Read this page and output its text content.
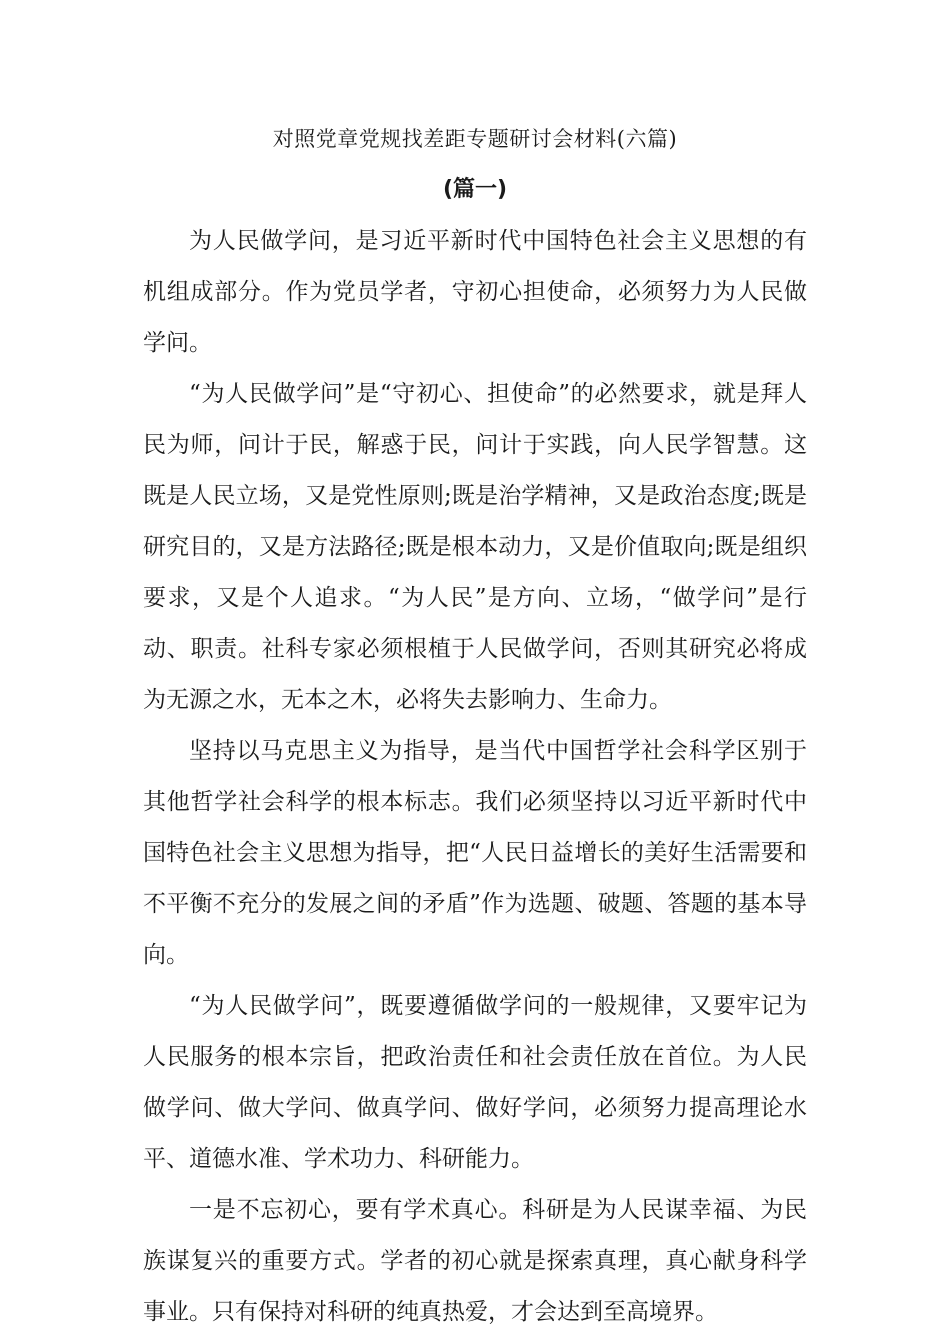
对照党章党规找差距专题研讨会材料(六篇)
(篇一)

为人民做学问，是习近平新时代中国特色社会主义思想的有机组成部分。作为党员学者，守初心担使命，必须努力为人民做学问。

“为人民做学问”是“守初心、担使命”的必然要求，就是拜人民为师，问计于民，解惑于民，问计于实践，向人民学智慧。这既是人民立场，又是党性原则;既是治学精神，又是政治态度;既是研究目的，又是方法路径;既是根本动力，又是价值取向;既是组织要求，又是个人追求。“为人民”是方向、立场，“做学问”是行动、职责。社科专家必须根植于人民做学问，否则其研究必将成为无源之水，无本之木，必将失去影响力、生命力。

坚持以马克思主义为指导，是当代中国哲学社会科学区别于其他哲学社会科学的根本标志。我们必须坚持以习近平新时代中国特色社会主义思想为指导，把“人民日益增长的美好生活需要和不平衡不充分的发展之间的矛盾”作为选题、破题、答题的基本导向。

“为人民做学问”，既要遵循做学问的一般规律，又要牢记为人民服务的根本宗旨，把政治责任和社会责任放在首位。为人民做学问、做大学问、做真学问、做好学问，必须努力提高理论水平、道德水准、学术功力、科研能力。

一是不忘初心，要有学术真心。科研是为人民谋幸福、为民族谋复兴的重要方式。学者的初心就是探索真理，真心献身科学事业。只有保持对科研的纯真热爱，才会达到至高境界。
